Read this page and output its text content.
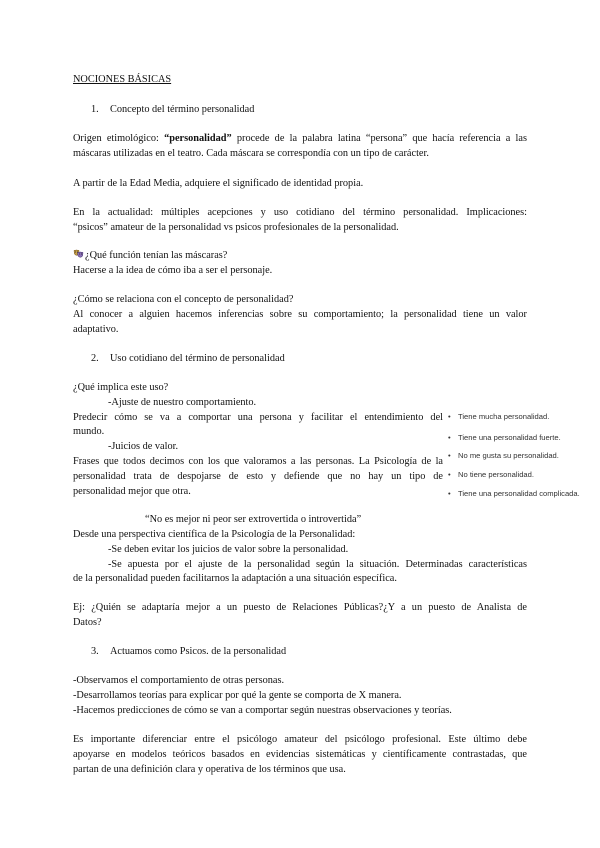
NOCIONES BÁSICAS
1. Concepto del término personalidad
Origen etimológico: “personalidad” procede de la palabra latina “persona” que hacía referencia a las
máscaras utilizadas en el teatro. Cada máscara se correspondía con un tipo de carácter.
A partir de la Edad Media, adquiere el significado de identidad propia.
En la actualidad: múltiples acepciones y uso cotidiano del término personalidad. Implicaciones:
“psicos” amateur de la personalidad vs psicos profesionales de la personalidad.
¿Qué función tenían las máscaras?
Hacerse a la idea de cómo iba a ser el personaje.
¿Cómo se relaciona con el concepto de personalidad?
Al conocer a alguien hacemos inferencias sobre su comportamiento; la personalidad tiene un valor
adaptativo.
2. Uso cotidiano del término de personalidad
¿Qué implica este uso?
-Ajuste de nuestro comportamiento.
Predecir cómo se va a comportar una persona y facilitar el entendimiento del
mundo.
-Juicios de valor.
Frases que todos decimos con los que valoramos a las personas. La Psicología de la
personalidad trata de despojarse de esto y defiende que no hay un tipo de
personalidad mejor que otra.
• Tiene mucha personalidad.
• Tiene una personalidad fuerte.
• No me gusta su personalidad.
• No tiene personalidad.
• Tiene una personalidad complicada.
“No es mejor ni peor ser extrovertida o introvertida”
Desde una perspectiva científica de la Psicología de la Personalidad:
-Se deben evitar los juicios de valor sobre la personalidad.
-Se apuesta por el ajuste de la personalidad según la situación. Determinadas características
de la personalidad pueden facilitarnos la adaptación a una situación específica.
Ej: ¿Quién se adaptaría mejor a un puesto de Relaciones Públicas?¿Y a un puesto de Analista de
Datos?
3. Actuamos como Psicos. de la personalidad
-Observamos el comportamiento de otras personas.
-Desarrollamos teorías para explicar por qué la gente se comporta de X manera.
-Hacemos predicciones de cómo se van a comportar según nuestras observaciones y teorías.
Es importante diferenciar entre el psicólogo amateur del psicólogo profesional. Este último debe
apoyarse en modelos teóricos basados en evidencias sistemáticas y científicamente contrastadas, que
partan de una definición clara y operativa de los términos que usa.
